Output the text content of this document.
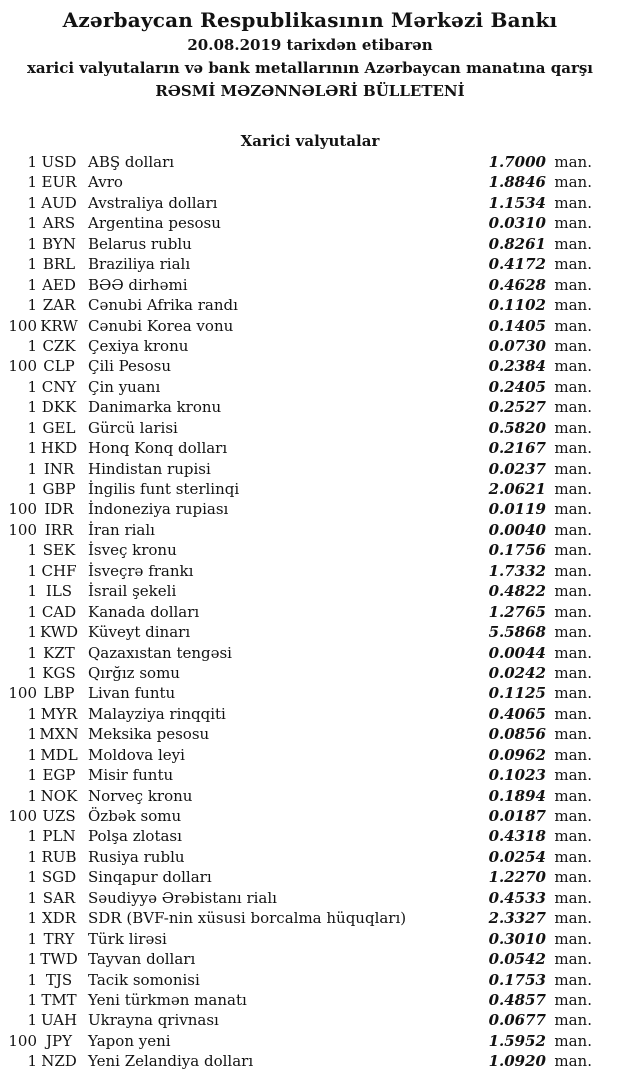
Azərbaycan Respublikasının Mərkəzi Bankı
20.08.2019 tarixdən etibarən
xarici valyutaların və bank metallarının Azərbaycan manatına qarşı
RƏSMİ MƏZƏNNƏLƏRİ BÜLLETENİ
Xarici valyutalar
1 USD ABŞ dolları	1.7000 man.
1 EUR Avro	1.8846 man.
1 AUD Avstraliya dolları	1.1534 man.
1 ARS Argentina pesosu	0.0310 man.
1 BYN Belarus rublu	0.8261 man.
1 BRL Braziliya rialı	0.4172 man.
1 AED BƏƏ dirhəmi	0.4628 man.
1 ZAR Cənubi Afrika randı	0.1102 man.
100 KRW Cənubi Korea vonu	0.1405 man.
1 CZK Çexiya kronu	0.0730 man.
100 CLP Çili Pesosu	0.2384 man.
1 CNY Çin yuanı	0.2405 man.
1 DKK Danimarka kronu	0.2527 man.
1 GEL Gürcü larisi	0.5820 man.
1 HKD Honq Konq dolları	0.2167 man.
1 INR Hindistan rupisi	0.0237 man.
1 GBP İngilis funt sterlinqi	2.0621 man.
100 IDR İndoneziya rupiası	0.0119 man.
100 IRR İran rialı	0.0040 man.
1 SEK İsveç kronu	0.1756 man.
1 CHF İsveçrə frankı	1.7332 man.
1 ILS	İsrail şekeli	0.4822 man.
1 CAD Kanada dolları	1.2765 man.
1 KWD Küveyt dinarı	5.5868 man.
1 KZT Qazaxıstan tengəsi	0.0044 man.
1 KGS Qırğız somu	0.0242 man.
100 LBP Livan funtu	0.1125 man.
1 MYR Malayziya rinqqiti	0.4065 man.
1 MXN Meksika pesosu	0.0856 man.
1 MDL Moldova leyi	0.0962 man.
1 EGP Misir funtu	0.1023 man.
1 NOK Norveç kronu	0.1894 man.
100 UZS Özbək somu	0.0187 man.
1 PLN Polşa zlotası	0.4318 man.
1 RUB Rusiya rublu	0.0254 man.
1 SGD Sinqapur dolları	1.2270 man.
1 SAR Səudiyyə Ərəbistanı rialı	0.4533 man.
1 XDR SDR (BVF-nin xüsusi borcalma hüquqları)	2.3327 man.
1 TRY Türk lirəsi	0.3010 man.
1 TWD Tayvan dolları	0.0542 man.
1 TJS	Tacik somonisi	0.1753 man.
1 TMT Yeni türkmən manatı	0.4857 man.
1 UAH Ukrayna qrivnası	0.0677 man.
100 JPY	Yapon yeni	1.5952 man.
1 NZD Yeni Zelandiya dolları	1.0920 man.
